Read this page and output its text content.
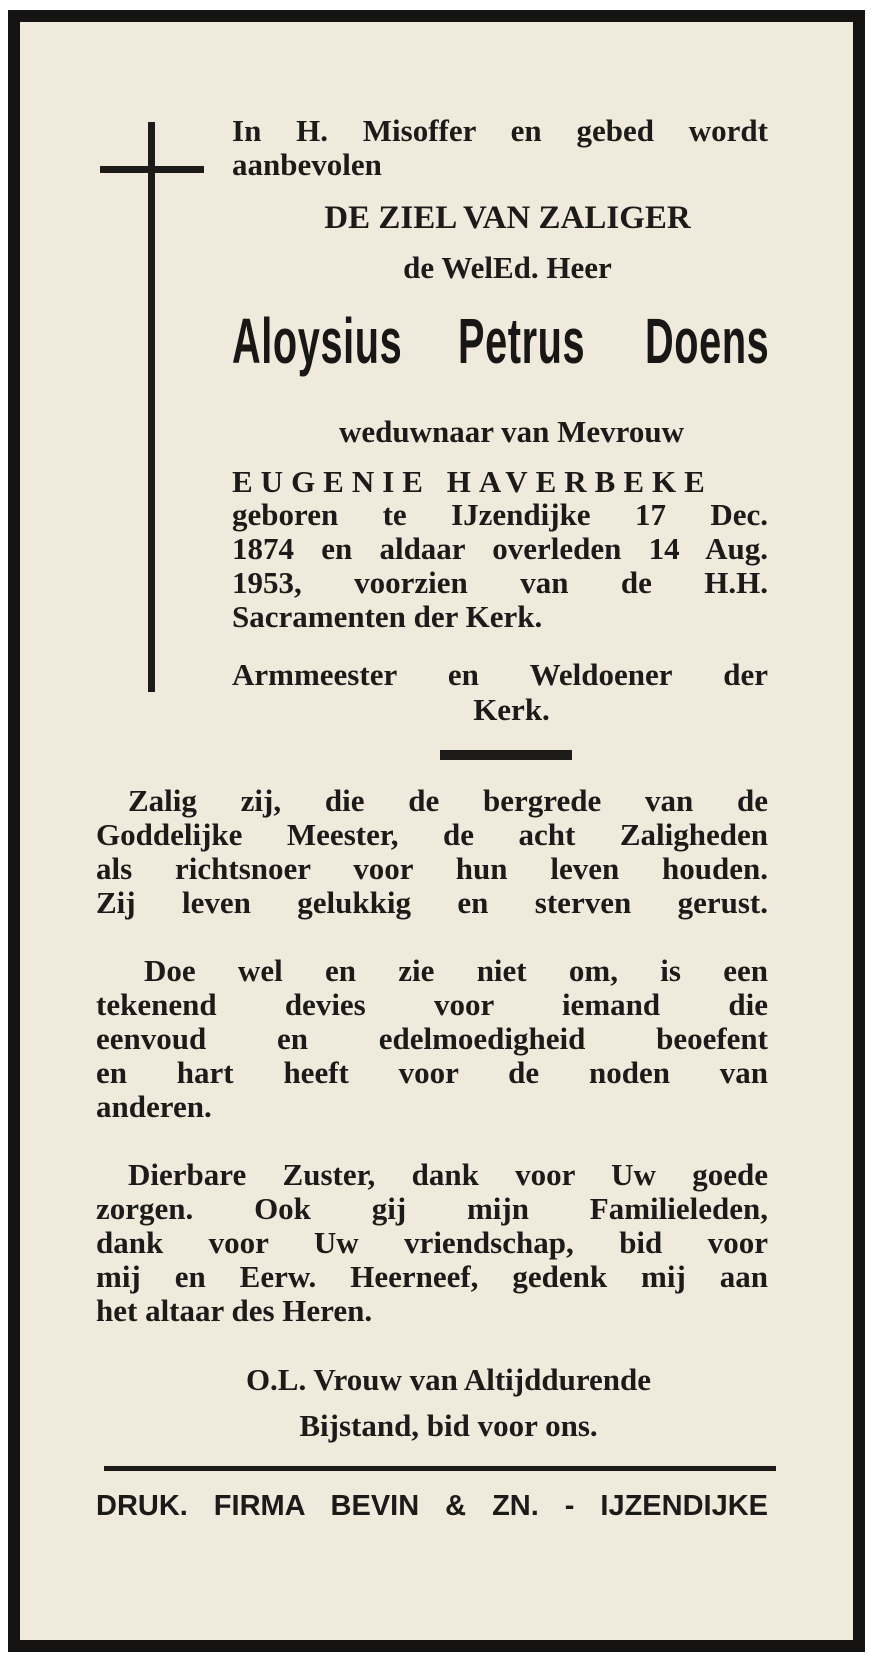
In H. Misoffer en gebed wordt
aanbevolen
DE ZIEL VAN ZALIGER
de WelEd. Heer
Aloysius Petrus Doens
weduwnaar van Mevrouw
EUGENIE HAVERBEKE
geboren te IJzendijke 17 Dec.
1874 en aldaar overleden 14 Aug.
1953, voorzien van de H.H.
Sacramenten der Kerk.
Armmeester en Weldoener der
Kerk.
Zalig zij, die de bergrede van de
Goddelijke Meester, de acht Zaligheden
als richtsnoer voor hun leven houden.
Zij leven gelukkig en sterven gerust.
Doe wel en zie niet om, is een
tekenend devies voor iemand die
eenvoud en edelmoedigheid beoefent
en hart heeft voor de noden van
anderen.
Dierbare Zuster, dank voor Uw goede
zorgen. Ook gij mijn Familieleden,
dank voor Uw vriendschap, bid voor
mij en Eerw. Heerneef, gedenk mij aan
het altaar des Heren.
O.L. Vrouw van Altijddurende
Bijstand, bid voor ons.
DRUK. FIRMA BEVIN & ZN. - IJZENDIJKE
